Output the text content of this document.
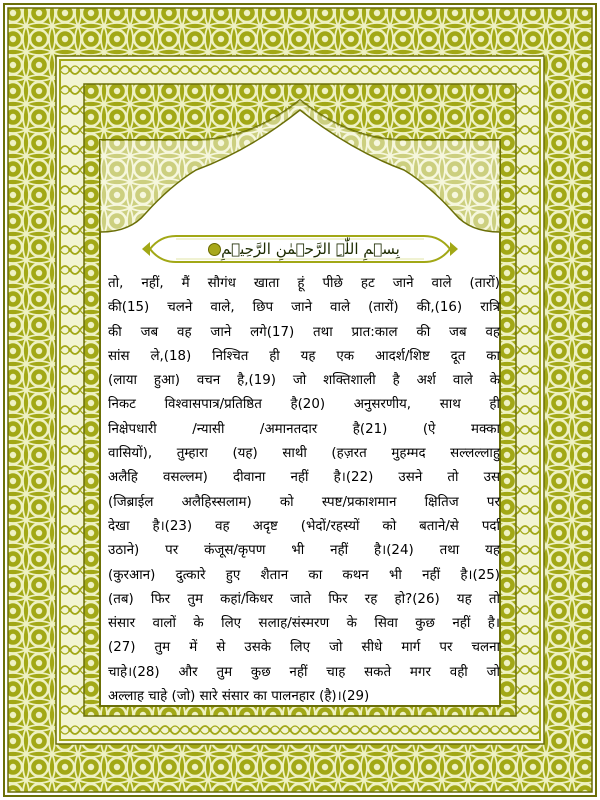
بِسۡمِ اللّٰہِ الرَّحۡمٰنِ الرَّحِیۡمِ
तो, नहीं, मैं सौगंध खाता हूं पीछे हट जाने वाले (तारों)
की(15) चलने वाले, छिप जाने वाले (तारों) की,(16) रात्रि
की जब वह जाने लगे(17) तथा प्रात:काल की जब वह
सांस ले,(18) निश्चित ही यह एक आदर्श/शिष्ट दूत का
(लाया हुआ) वचन है,(19) जो शक्तिशाली है अर्श वाले के
निकट विश्वासपात्र/प्रतिष्ठित है(20) अनुसरणीय, साथ ही
निक्षेपधारी /न्यासी /अमानतदार है(21) (ऐ मक्का
वासियों), तुम्हारा (यह) साथी (हज़रत मुहम्मद सल्लल्लाहु
अलैहि वसल्लम) दीवाना नहीं है।(22) उसने तो उस
(जिब्राईल अलैहिस्सलाम) को स्पष्ट/प्रकाशमान क्षितिज पर
देखा है।(23) वह अदृष्ट (भेदों/रहस्यों को बताने/से पर्दा
उठाने) पर कंजूस/कृपण भी नहीं है।(24) तथा यह
(कुरआन) दुत्कारे हुए शैतान का कथन भी नहीं है।(25)
(तब) फिर तुम कहां/किधर जाते फिर रह हो?(26) यह तो
संसार वालों के लिए सलाह/संस्मरण के सिवा कुछ नहीं है।
(27) तुम में से उसके लिए जो सीधे मार्ग पर चलना
चाहे।(28) और तुम कुछ नहीं चाह सकते मगर वही जो
अल्लाह चाहे (जो) सारे संसार का पालनहार (है)।(29)
